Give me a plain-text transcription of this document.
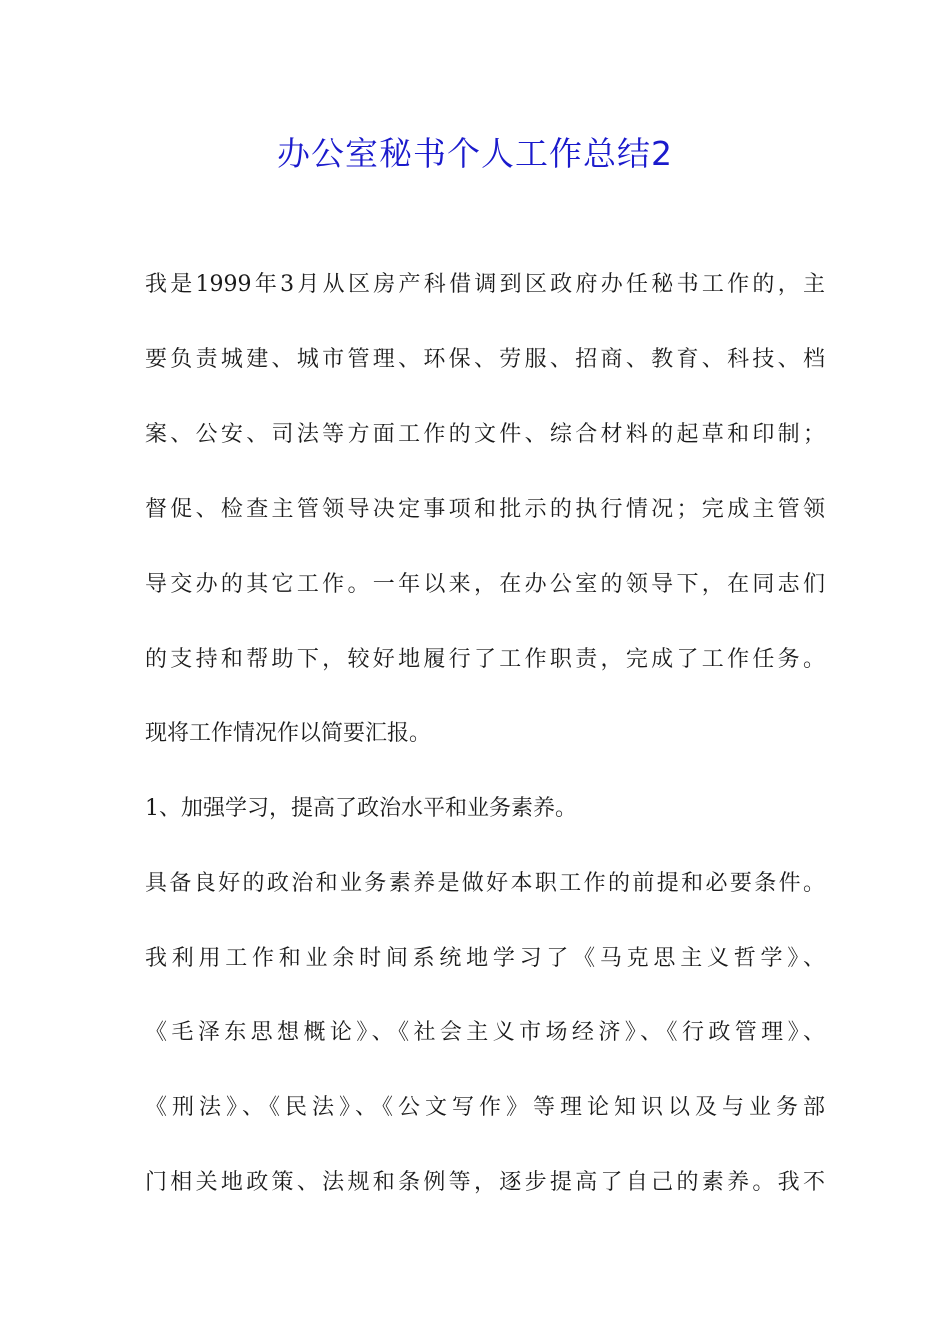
办公室秘书个人工作总结2
我是1999年3月从区房产科借调到区政府办任秘书工作的，主
要负责城建、城市管理、环保、劳服、招商、教育、科技、档
案、公安、司法等方面工作的文件、综合材料的起草和印制；
督促、检查主管领导决定事项和批示的执行情况；完成主管领
导交办的其它工作。一年以来，在办公室的领导下，在同志们
的支持和帮助下，较好地履行了工作职责，完成了工作任务。
现将工作情况作以简要汇报。
1、加强学习，提高了政治水平和业务素养。
具备良好的政治和业务素养是做好本职工作的前提和必要条件。
我利用工作和业余时间系统地学习了《马克思主义哲学》、
《毛泽东思想概论》、《社会主义市场经济》、《行政管理》、
《刑法》、《民法》、《公文写作》等理论知识以及与业务部
门相关地政策、法规和条例等，逐步提高了自己的素养。我不
